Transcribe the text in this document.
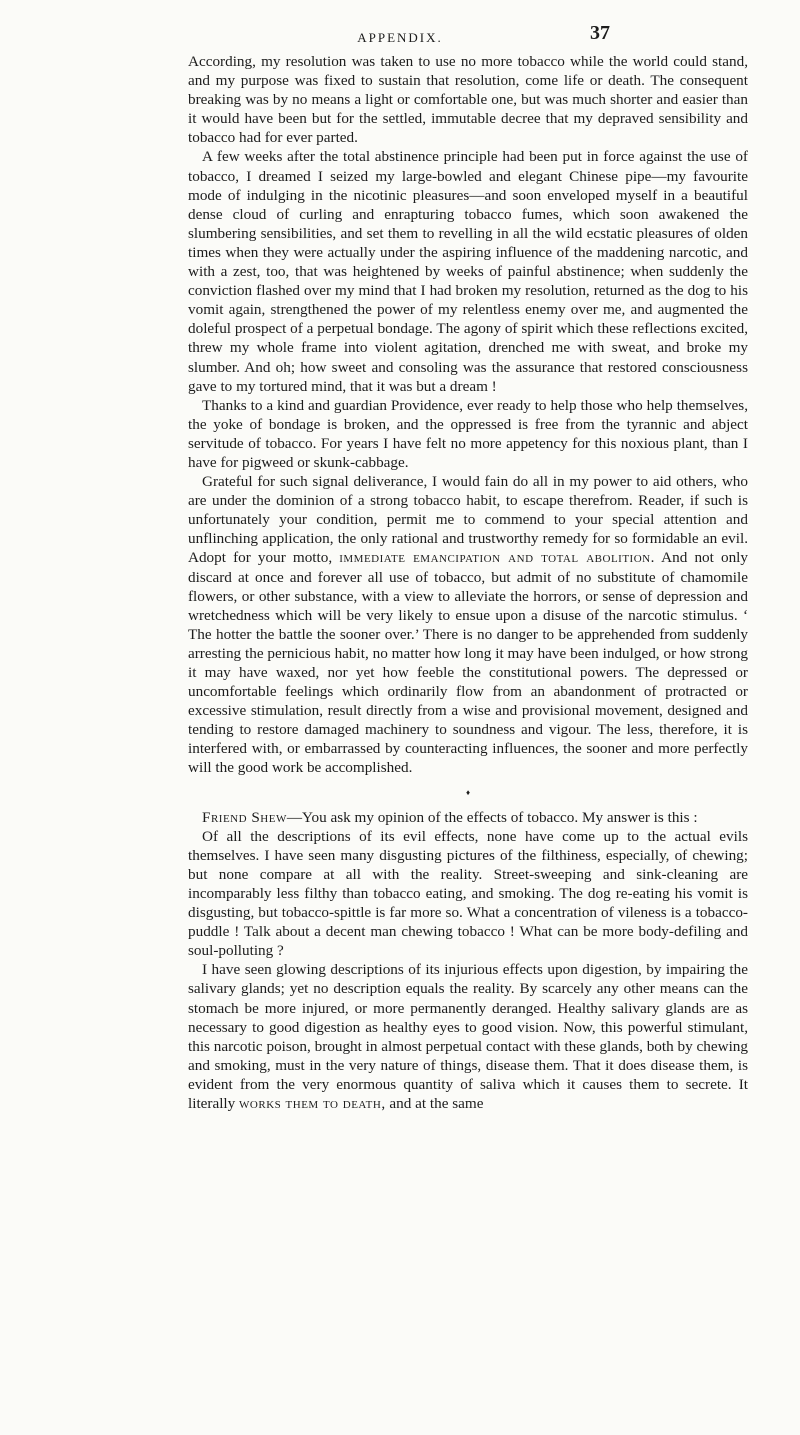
APPENDIX.	37

According, my resolution was taken to use no more tobacco while the world could stand, and my purpose was fixed to sustain that resolution, come life or death. The consequent breaking was by no means a light or comfortable one, but was much shorter and easier than it would have been but for the settled, immutable decree that my depraved sensibility and tobacco had for ever parted.

A few weeks after the total abstinence principle had been put in force against the use of tobacco, I dreamed I seized my large-bowled and elegant Chinese pipe—my favourite mode of indulging in the nicotinic pleasures—and soon enveloped myself in a beautiful dense cloud of curling and enrapturing tobacco fumes, which soon awakened the slumbering sensibilities, and set them to revelling in all the wild ecstatic pleasures of olden times when they were actually under the aspiring influence of the maddening narcotic, and with a zest, too, that was heightened by weeks of painful abstinence; when suddenly the conviction flashed over my mind that I had broken my resolution, returned as the dog to his vomit again, strengthened the power of my relentless enemy over me, and augmented the doleful prospect of a perpetual bondage. The agony of spirit which these reflections excited, threw my whole frame into violent agitation, drenched me with sweat, and broke my slumber. And oh; how sweet and consoling was the assurance that restored consciousness gave to my tortured mind, that it was but a dream !

Thanks to a kind and guardian Providence, ever ready to help those who help themselves, the yoke of bondage is broken, and the oppressed is free from the tyrannic and abject servitude of tobacco. For years I have felt no more appetency for this noxious plant, than I have for pigweed or skunk-cabbage.

Grateful for such signal deliverance, I would fain do all in my power to aid others, who are under the dominion of a strong tobacco habit, to escape therefrom. Reader, if such is unfortunately your condition, permit me to commend to your special attention and unflinching application, the only rational and trustworthy remedy for so formidable an evil. Adopt for your motto, immediate emancipation and total abolition. And not only discard at once and forever all use of tobacco, but admit of no substitute of chamomile flowers, or other substance, with a view to alleviate the horrors, or sense of depression and wretchedness which will be very likely to ensue upon a disuse of the narcotic stimulus. ‘ The hotter the battle the sooner over.’ There is no danger to be apprehended from suddenly arresting the pernicious habit, no matter how long it may have been indulged, or how strong it may have waxed, nor yet how feeble the constitutional powers. The depressed or uncomfortable feelings which ordinarily flow from an abandonment of protracted or excessive stimulation, result directly from a wise and provisional movement, designed and tending to restore damaged machinery to soundness and vigour. The less, therefore, it is interfered with, or embarrassed by counteracting influences, the sooner and more perfectly will the good work be accomplished.

♦

Friend Shew—You ask my opinion of the effects of tobacco. My answer is this :

Of all the descriptions of its evil effects, none have come up to the actual evils themselves. I have seen many disgusting pictures of the filthiness, especially, of chewing; but none compare at all with the reality. Street-sweeping and sink-cleaning are incomparably less filthy than tobacco eating, and smoking. The dog re-eating his vomit is disgusting, but tobacco-spittle is far more so. What a concentration of vileness is a tobacco-puddle ! Talk about a decent man chewing tobacco ! What can be more body-defiling and soul-polluting ?

I have seen glowing descriptions of its injurious effects upon digestion, by impairing the salivary glands; yet no description equals the reality. By scarcely any other means can the stomach be more injured, or more permanently deranged. Healthy salivary glands are as necessary to good digestion as healthy eyes to good vision. Now, this powerful stimulant, this narcotic poison, brought in almost perpetual contact with these glands, both by chewing and smoking, must in the very nature of things, disease them. That it does disease them, is evident from the very enormous quantity of saliva which it causes them to secrete. It literally works them to death, and at the same
